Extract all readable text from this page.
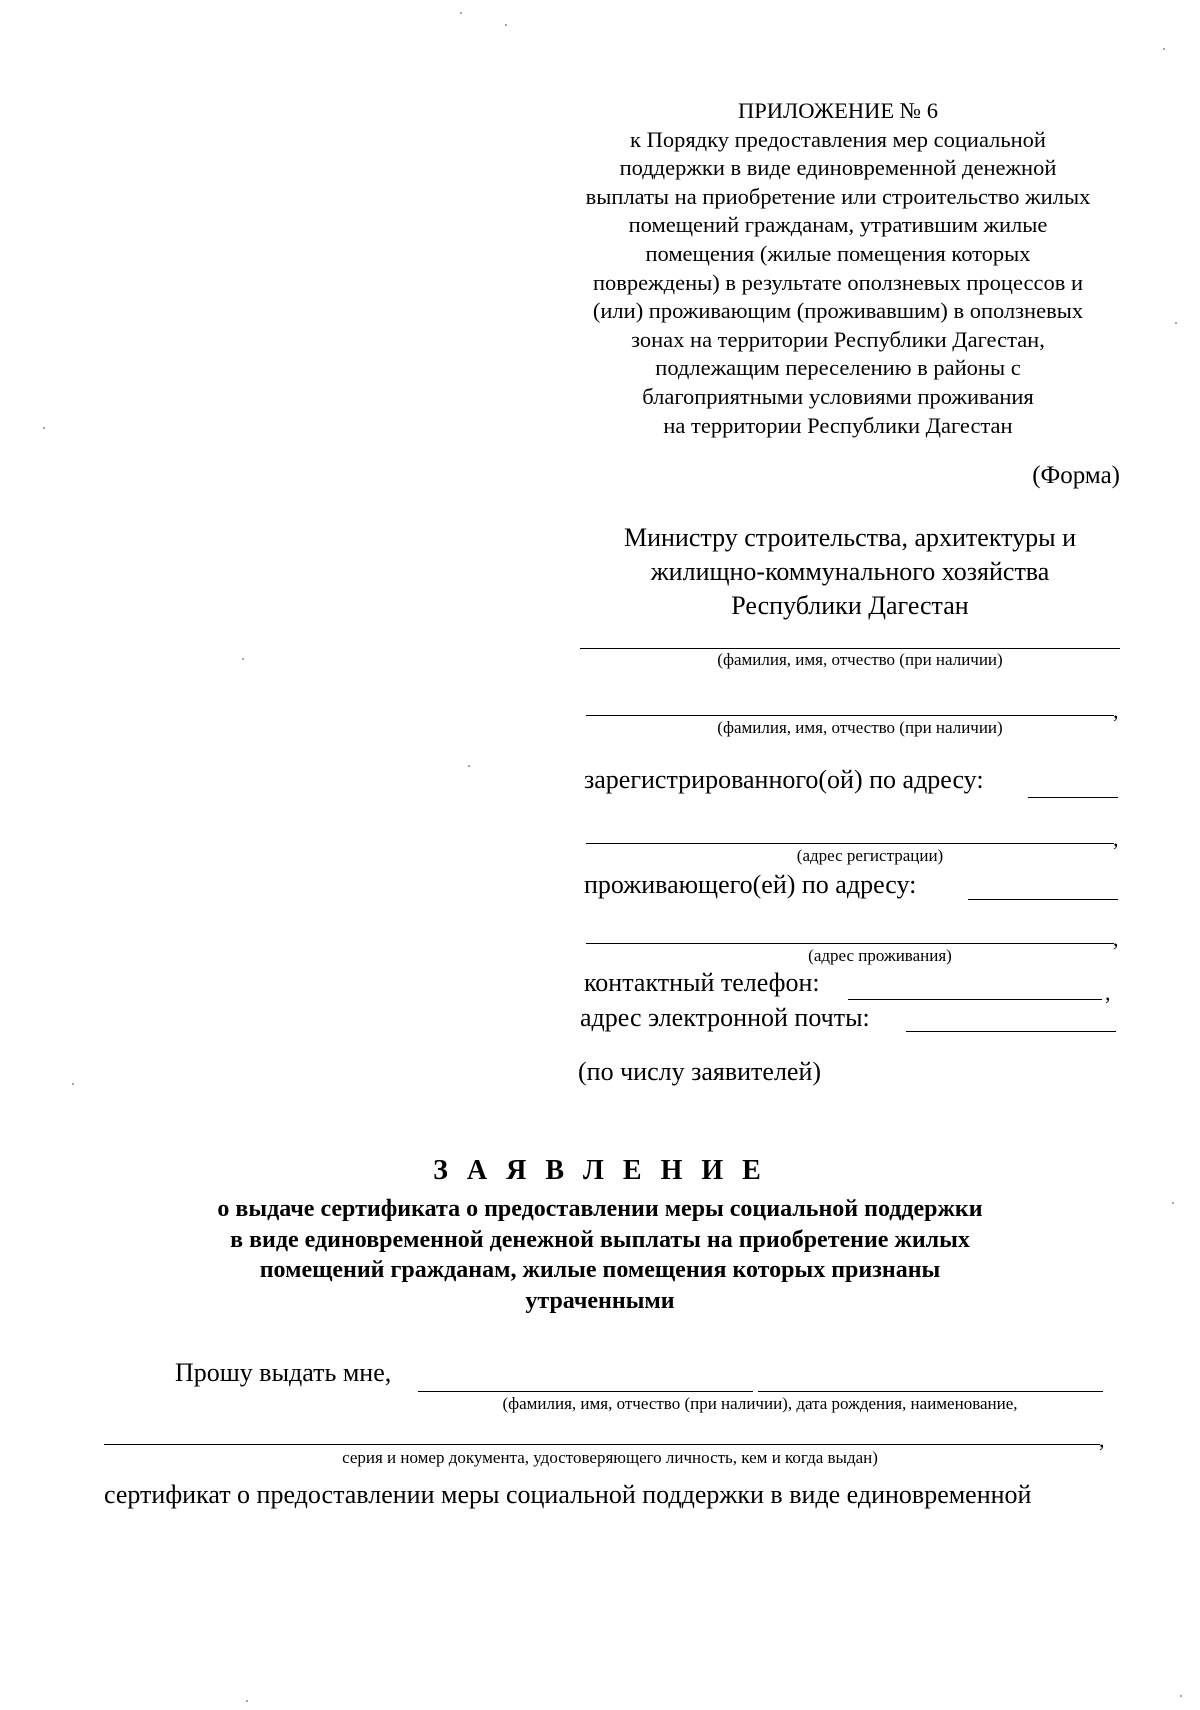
ПРИЛОЖЕНИЕ № 6
к Порядку предоставления мер социальной
поддержки в виде единовременной денежной
выплаты на приобретение или строительство жилых
помещений гражданам, утратившим жилые
помещения (жилые помещения которых
повреждены) в результате оползневых процессов и
(или) проживающим (проживавшим) в оползневых
зонах на территории Республики Дагестан,
подлежащим переселению в районы с
благоприятными условиями проживания
на территории Республики Дагестан
(Форма)
Министру строительства, архитектуры и
жилищно-коммунального хозяйства
Республики Дагестан
(фамилия, имя, отчество (при наличии)
,
(фамилия, имя, отчество (при наличии)
зарегистрированного(ой) по адресу:
,
(адрес регистрации)
проживающего(ей) по адресу:
,
(адрес проживания)
контактный телефон:	,
адрес электронной почты:
(по числу заявителей)
З А Я В Л Е Н И Е
о выдаче сертификата о предоставлении меры социальной поддержки
в виде единовременной денежной выплаты на приобретение жилых
помещений гражданам, жилые помещения которых признаны
утраченными
Прошу выдать мне,
(фамилия, имя, отчество (при наличии), дата рождения, наименование,
,
серия и номер документа, удостоверяющего личность, кем и когда выдан)
сертификат о предоставлении меры социальной поддержки в виде единовременной
